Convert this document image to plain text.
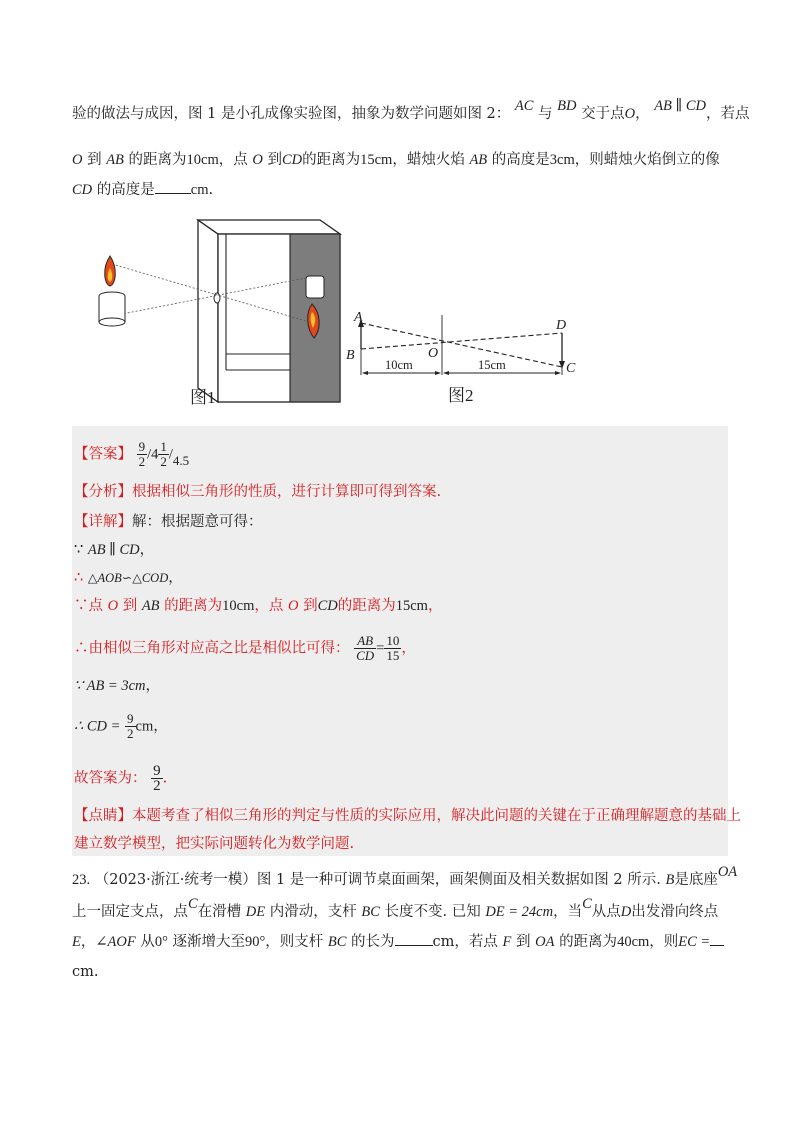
验的做法与成因，图 1 是小孔成像实验图，抽象为数学问题如图 2： AC 与 BD 交于点O， AB ∥ CD，若点
O 到 AB 的距离为10cm，点 O 到CD的距离为15cm，蜡烛火焰 AB 的高度是3cm，则蜡烛火焰倒立的像
CD 的高度是 cm.
图1
A
B	O
D
C
10cm	15cm
图2
【答案】 $\frac{9}{2} /4 \frac{1}{2} /4.5$
【分析】根据相似三角形的性质，进行计算即可得到答案.
【详解】解：根据题意可得：
∵ AB ∥ CD，
∴ △AOB∽△COD，
∵点 O 到 AB 的距离为10cm，点 O 到CD的距离为15cm，
∴由相似三角形对应高之比是相似比可得： $\frac{AB}{CD} = \frac{10}{15}$ ，
∵ AB = 3cm，
∴ CD = $\frac{9}{2}$ cm，
故答案为： $\frac{9}{2}$ .
【点睛】本题考查了相似三角形的判定与性质的实际应用，解决此问题的关键在于正确理解题意的基础上
建立数学模型，把实际问题转化为数学问题.
23. （2023·浙江·统考一模）图 1 是一种可调节桌面画架，画架侧面及相关数据如图 2 所示. B是底座OA
上一固定支点，点C在滑槽 DE 内滑动，支杆 BC 长度不变. 已知 DE = 24cm，当C从点D出发滑向终点
E，∠AOF 从0° 逐渐增大至90°，则支杆 BC 的长为	cm，若点 F 到 OA 的距离为40cm，则EC =
cm.
